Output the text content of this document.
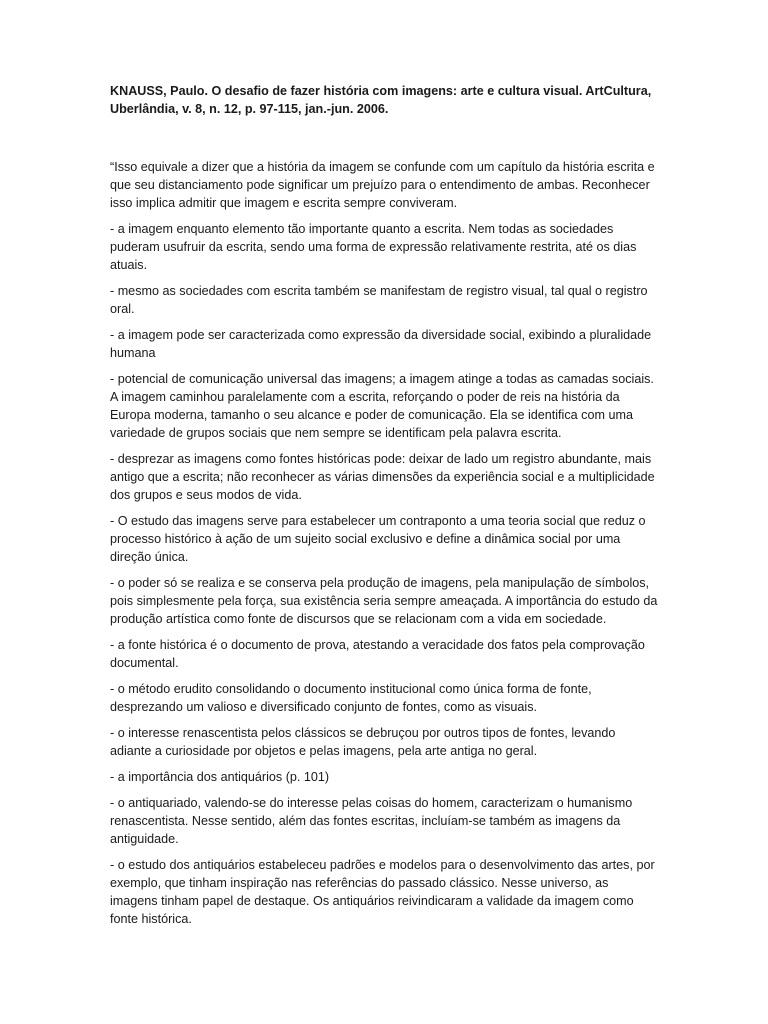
KNAUSS, Paulo. O desafio de fazer história com imagens: arte e cultura visual. ArtCultura, Uberlândia, v. 8, n. 12, p. 97-115, jan.-jun. 2006.

“Isso equivale a dizer que a história da imagem se confunde com um capítulo da história escrita e que seu distanciamento pode significar um prejuízo para o entendimento de ambas. Reconhecer isso implica admitir que imagem e escrita sempre conviveram.

- a imagem enquanto elemento tão importante quanto a escrita. Nem todas as sociedades puderam usufruir da escrita, sendo uma forma de expressão relativamente restrita, até os dias atuais.

- mesmo as sociedades com escrita também se manifestam de registro visual, tal qual o registro oral.

- a imagem pode ser caracterizada como expressão da diversidade social, exibindo a pluralidade humana

- potencial de comunicação universal das imagens; a imagem atinge a todas as camadas sociais. A imagem caminhou paralelamente com a escrita, reforçando o poder de reis na história da Europa moderna, tamanho o seu alcance e poder de comunicação. Ela se identifica com uma variedade de grupos sociais que nem sempre se identificam pela palavra escrita.

- desprezar as imagens como fontes históricas pode: deixar de lado um registro abundante, mais antigo que a escrita; não reconhecer as várias dimensões da experiência social e a multiplicidade dos grupos e seus modos de vida.

- O estudo das imagens serve para estabelecer um contraponto a uma teoria social que reduz o processo histórico à ação de um sujeito social exclusivo e define a dinâmica social por uma direção única.

- o poder só se realiza e se conserva pela produção de imagens, pela manipulação de símbolos, pois simplesmente pela força, sua existência seria sempre ameaçada. A importância do estudo da produção artística como fonte de discursos que se relacionam com a vida em sociedade.

- a fonte histórica é o documento de prova, atestando a veracidade dos fatos pela comprovação documental.

- o método erudito consolidando o documento institucional como única forma de fonte, desprezando um valioso e diversificado conjunto de fontes, como as visuais.

- o interesse renascentista pelos clássicos se debruçou por outros tipos de fontes, levando adiante a curiosidade por objetos e pelas imagens, pela arte antiga no geral.

- a importância dos antiquários (p. 101)

- o antiquariado, valendo-se do interesse pelas coisas do homem, caracterizam o humanismo renascentista. Nesse sentido, além das fontes escritas, incluíam-se também as imagens da antiguidade.

- o estudo dos antiquários estabeleceu padrões e modelos para o desenvolvimento das artes, por exemplo, que tinham inspiração nas referências do passado clássico. Nesse universo, as imagens tinham papel de destaque. Os antiquários reivindicaram a validade da imagem como fonte histórica.
